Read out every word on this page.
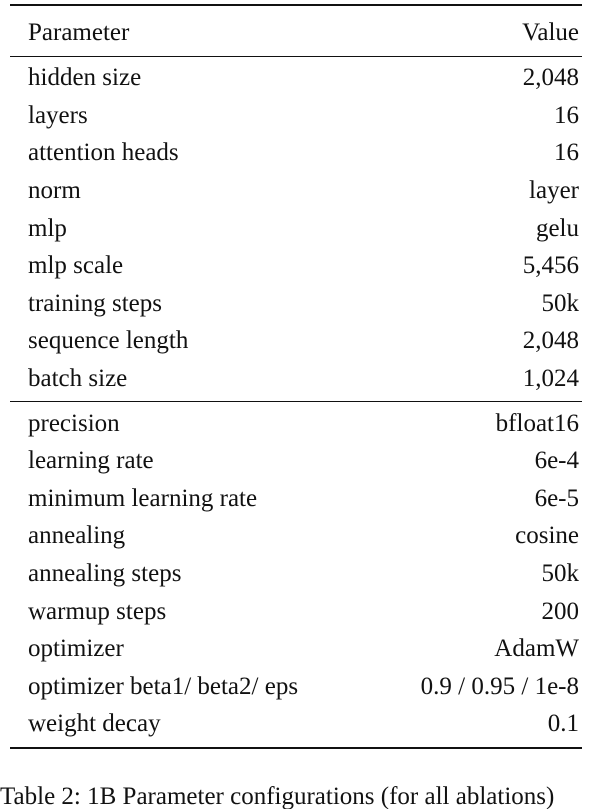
Parameter	Value
hidden size	2,048
layers	16
attention heads	16
norm	layer
mlp	gelu
mlp scale	5,456
training steps	50k
sequence length	2,048
batch size	1,024
precision	bfloat16
learning rate	6e-4
minimum learning rate	6e-5
annealing	cosine
annealing steps	50k
warmup steps	200
optimizer	AdamW
optimizer beta1/ beta2/ eps	0.9 / 0.95 / 1e-8
weight decay	0.1
Table 2: 1B Parameter configurations (for all ablations)
